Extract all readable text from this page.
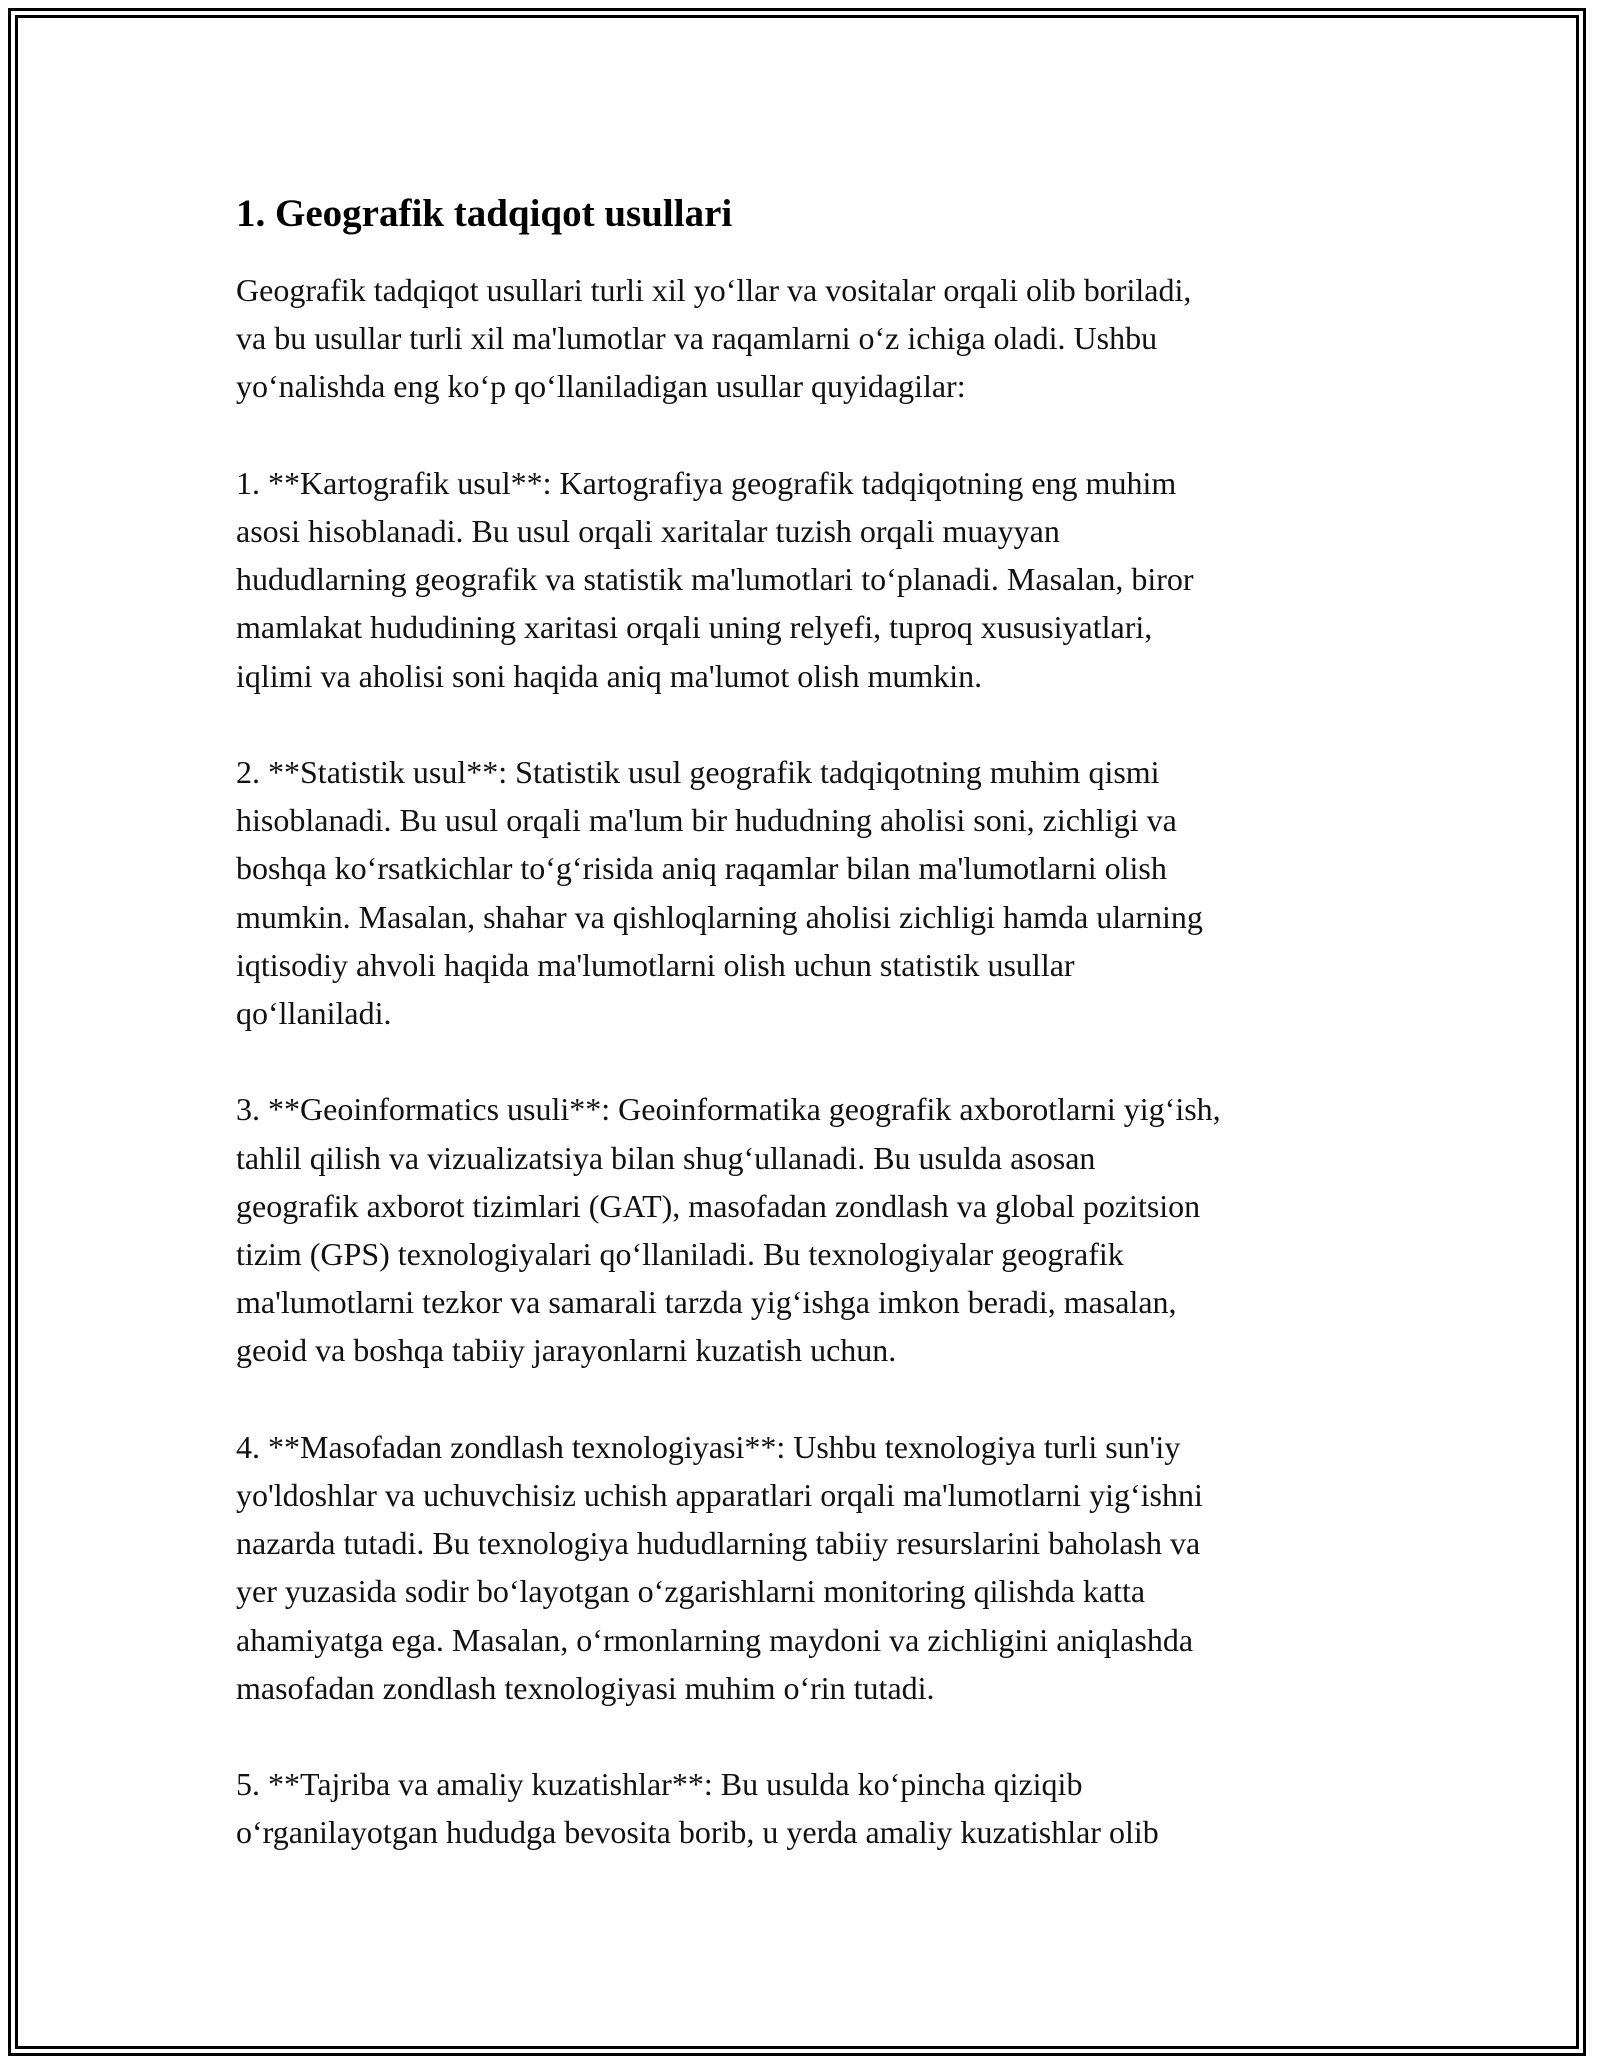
1. Geografik tadqiqot usullari

Geografik tadqiqot usullari turli xil yo‘llar va vositalar orqali olib boriladi,
va bu usullar turli xil ma'lumotlar va raqamlarni o‘z ichiga oladi. Ushbu
yo‘nalishda eng ko‘p qo‘llaniladigan usullar quyidagilar:

1. **Kartografik usul**: Kartografiya geografik tadqiqotning eng muhim
asosi hisoblanadi. Bu usul orqali xaritalar tuzish orqali muayyan
hududlarning geografik va statistik ma'lumotlari to‘planadi. Masalan, biror
mamlakat hududining xaritasi orqali uning relyefi, tuproq xususiyatlari,
iqlimi va aholisi soni haqida aniq ma'lumot olish mumkin.

2. **Statistik usul**: Statistik usul geografik tadqiqotning muhim qismi
hisoblanadi. Bu usul orqali ma'lum bir hududning aholisi soni, zichligi va
boshqa ko‘rsatkichlar to‘g‘risida aniq raqamlar bilan ma'lumotlarni olish
mumkin. Masalan, shahar va qishloqlarning aholisi zichligi hamda ularning
iqtisodiy ahvoli haqida ma'lumotlarni olish uchun statistik usullar
qo‘llaniladi.

3. **Geoinformatics usuli**: Geoinformatika geografik axborotlarni yig‘ish,
tahlil qilish va vizualizatsiya bilan shug‘ullanadi. Bu usulda asosan
geografik axborot tizimlari (GAT), masofadan zondlash va global pozitsion
tizim (GPS) texnologiyalari qo‘llaniladi. Bu texnologiyalar geografik
ma'lumotlarni tezkor va samarali tarzda yig‘ishga imkon beradi, masalan,
geoid va boshqa tabiiy jarayonlarni kuzatish uchun.

4. **Masofadan zondlash texnologiyasi**: Ushbu texnologiya turli sun'iy
yo'ldoshlar va uchuvchisiz uchish apparatlari orqali ma'lumotlarni yig‘ishni
nazarda tutadi. Bu texnologiya hududlarning tabiiy resurslarini baholash va
yer yuzasida sodir bo‘layotgan o‘zgarishlarni monitoring qilishda katta
ahamiyatga ega. Masalan, o‘rmonlarning maydoni va zichligini aniqlashda
masofadan zondlash texnologiyasi muhim o‘rin tutadi.

5. **Tajriba va amaliy kuzatishlar**: Bu usulda ko‘pincha qiziqib
o‘rganilayotgan hududga bevosita borib, u yerda amaliy kuzatishlar olib
